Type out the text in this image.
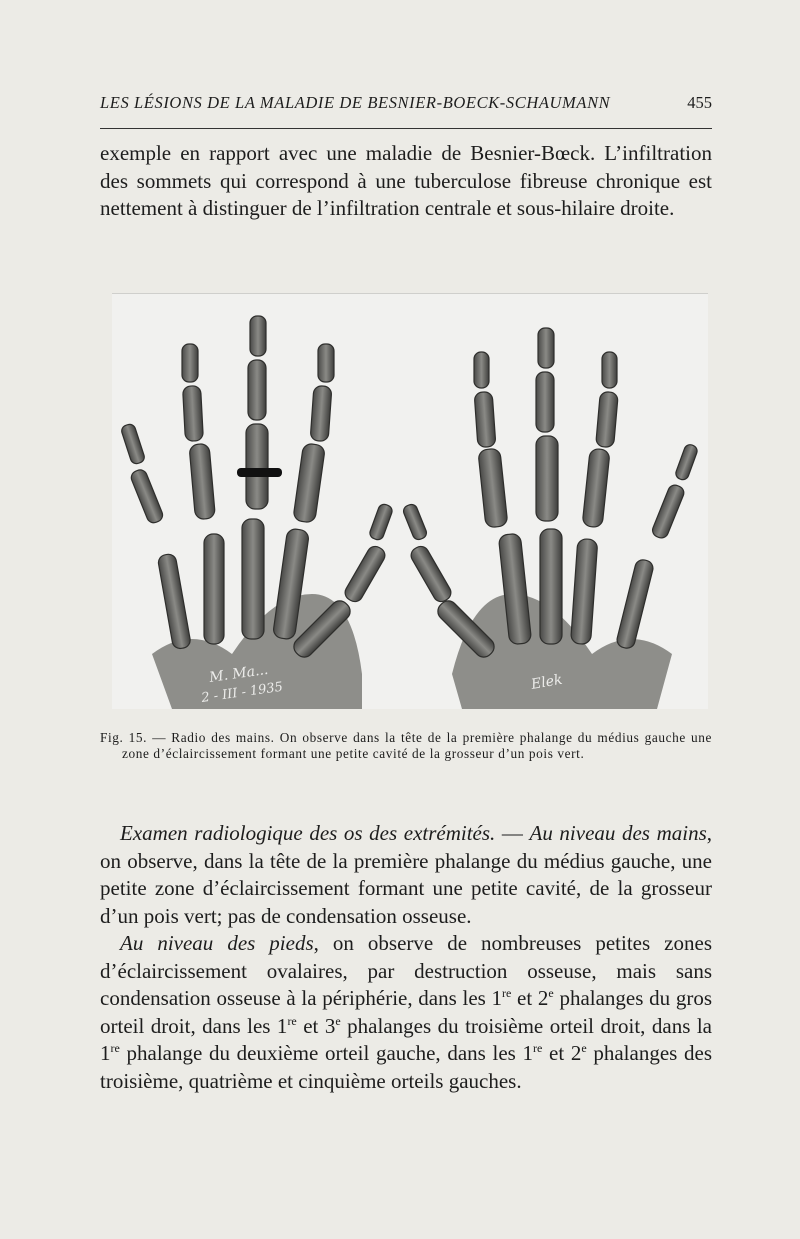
LES LÉSIONS DE LA MALADIE DE BESNIER-BOECK-SCHAUMANN	455

exemple en rapport avec une maladie de Besnier-Bœck. L’infiltration des sommets qui correspond à une tuberculose fibreuse chronique est nettement à distinguer de l’infiltration centrale et sous-hilaire droite.

M. Ma...
2 - III - 1935	Elek

Fig. 15. — Radio des mains. On observe dans la tête de la première phalange du médius gauche une zone d’éclaircissement formant une petite cavité de la grosseur d’un pois vert.

Examen radiologique des os des extrémités. — Au niveau des mains, on observe, dans la tête de la première phalange du médius gauche, une petite zone d’éclaircissement formant une petite cavité, de la grosseur d’un pois vert; pas de condensation osseuse.

Au niveau des pieds, on observe de nombreuses petites zones d’éclaircissement ovalaires, par destruction osseuse, mais sans condensation osseuse à la périphérie, dans les 1re et 2e phalanges du gros orteil droit, dans les 1re et 3e phalanges du troisième orteil droit, dans la 1re phalange du deuxième orteil gauche, dans les 1re et 2e phalanges des troisième, quatrième et cinquième orteils gauches.
